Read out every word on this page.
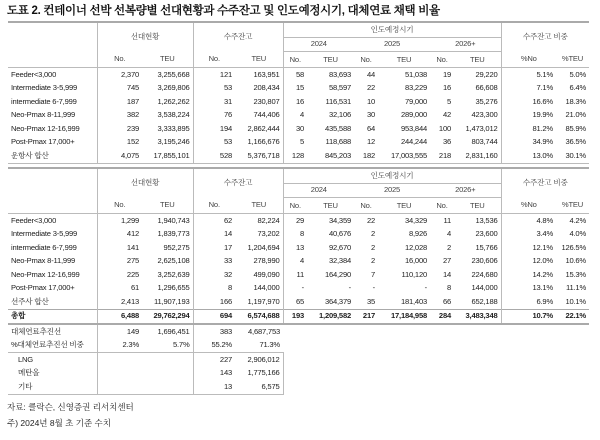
도표 2. 컨테이너 선박 선복량별 선대현황과 수주잔고 및 인도예정시기, 대체연료 채택 비율
	선대현황		수주잔고		인도예정시기						수주잔고 비중	
					2024		2025		2026+			
	No.	TEU	No.	TEU	No.	TEU	No.	TEU	No.	TEU	%No	%TEU
Feeder<3,000	2,370	3,255,668	121	163,951	58	83,693	44	51,038	19	29,220	5.1%	5.0%
Intermediate 3-5,999	745	3,269,806	53	208,434	15	58,597	22	83,229	16	66,608	7.1%	6.4%
intermediate 6-7,999	187	1,262,262	31	230,807	16	116,531	10	79,000	5	35,276	16.6%	18.3%
Neo-Pmax 8-11,999	382	3,538,224	76	744,406	4	32,106	30	289,000	42	423,300	19.9%	21.0%
Neo-Pmax 12-16,999	239	3,333,895	194	2,862,444	30	435,588	64	953,844	100	1,473,012	81.2%	85.9%
Post-Pmax 17,000+	152	3,195,246	53	1,166,676	5	118,688	12	244,244	36	803,744	34.9%	36.5%
운항사 합산	4,075	17,855,101	528	5,376,718	128	845,203	182	17,003,555	218	2,831,160	13.0%	30.1%
	선대현황		수주잔고		인도예정시기						수주잔고 비중	
					2024		2025		2026+			
	No.	TEU	No.	TEU	No.	TEU	No.	TEU	No.	TEU	%No	%TEU
Feeder<3,000	1,299	1,940,743	62	82,224	29	34,359	22	34,329	11	13,536	4.8%	4.2%
Intermediate 3-5,999	412	1,839,773	14	73,202	8	40,676	2	8,926	4	23,600	3.4%	4.0%
intermediate 6-7,999	141	952,275	17	1,204,694	13	92,670	2	12,028	2	15,766	12.1%	126.5%
Neo-Pmax 8-11,999	275	2,625,108	33	278,990	4	32,384	2	16,000	27	230,606	12.0%	10.6%
Neo-Pmax 12-16,999	225	3,252,639	32	499,090	11	164,290	7	110,120	14	224,680	14.2%	15.3%
Post-Pmax 17,000+	61	1,296,655	8	144,000	-	-	-	-	8	144,000	13.1%	11.1%
선주사 합산	2,413	11,907,193	166	1,197,970	65	364,379	35	181,403	66	652,188	6.9%	10.1%
총합	6,488	29,762,294	694	6,574,688	193	1,209,582	217	17,184,958	284	3,483,348	10.7%	22.1%
대체연료추진선	149	1,696,451	383	4,687,753								
%대체연료추진선 비중	2.3%	5.7%	55.2%	71.3%								
LNG			227	2,906,012								
메탄올			143	1,775,166								
기타			13	6,575								
자료: 클락슨, 신영증권 리서치센터
주) 2024년 8월 초 기준 수치
